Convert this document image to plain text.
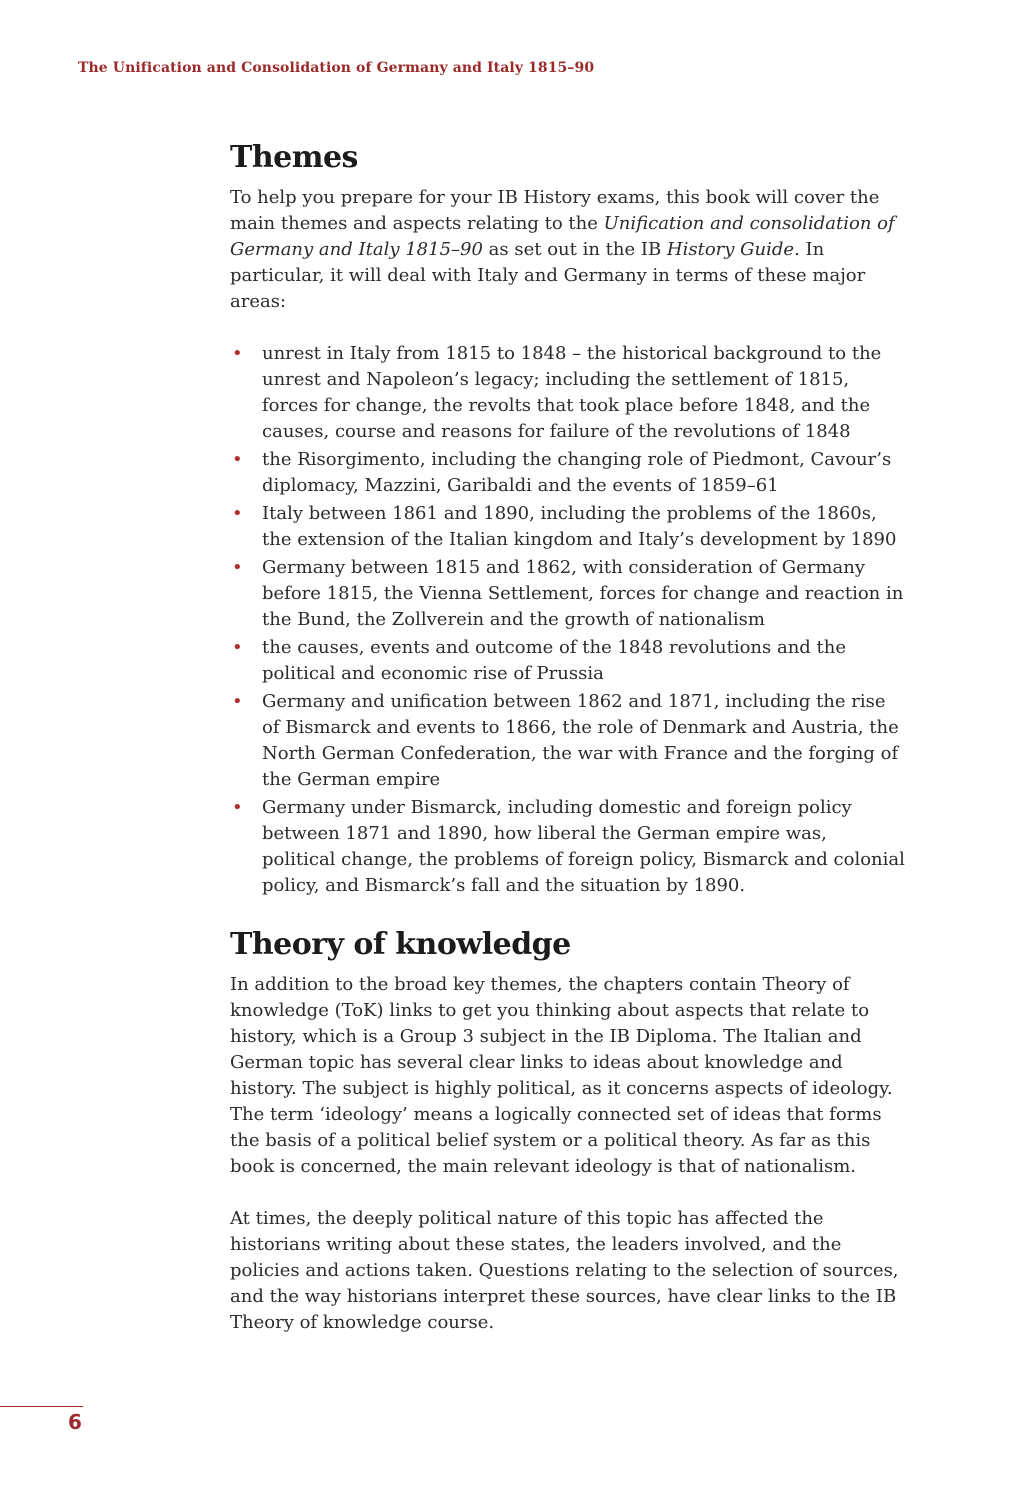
The Unification and Consolidation of Germany and Italy 1815–90
Themes

To help you prepare for your IB History exams, this book will cover the main themes and aspects relating to the Unification and consolidation of Germany and Italy 1815–90 as set out in the IB History Guide. In particular, it will deal with Italy and Germany in terms of these major areas:

• unrest in Italy from 1815 to 1848 – the historical background to the unrest and Napoleon’s legacy; including the settlement of 1815, forces for change, the revolts that took place before 1848, and the causes, course and reasons for failure of the revolutions of 1848
• the Risorgimento, including the changing role of Piedmont, Cavour’s diplomacy, Mazzini, Garibaldi and the events of 1859–61
• Italy between 1861 and 1890, including the problems of the 1860s, the extension of the Italian kingdom and Italy’s development by 1890
• Germany between 1815 and 1862, with consideration of Germany before 1815, the Vienna Settlement, forces for change and reaction in the Bund, the Zollverein and the growth of nationalism
• the causes, events and outcome of the 1848 revolutions and the political and economic rise of Prussia
• Germany and unification between 1862 and 1871, including the rise of Bismarck and events to 1866, the role of Denmark and Austria, the North German Confederation, the war with France and the forging of the German empire
• Germany under Bismarck, including domestic and foreign policy between 1871 and 1890, how liberal the German empire was, political change, the problems of foreign policy, Bismarck and colonial policy, and Bismarck’s fall and the situation by 1890.
Theory of knowledge

In addition to the broad key themes, the chapters contain Theory of knowledge (ToK) links to get you thinking about aspects that relate to history, which is a Group 3 subject in the IB Diploma. The Italian and German topic has several clear links to ideas about knowledge and history. The subject is highly political, as it concerns aspects of ideology. The term ‘ideology’ means a logically connected set of ideas that forms the basis of a political belief system or a political theory. As far as this book is concerned, the main relevant ideology is that of nationalism.

At times, the deeply political nature of this topic has affected the historians writing about these states, the leaders involved, and the policies and actions taken. Questions relating to the selection of sources, and the way historians interpret these sources, have clear links to the IB Theory of knowledge course.

6
